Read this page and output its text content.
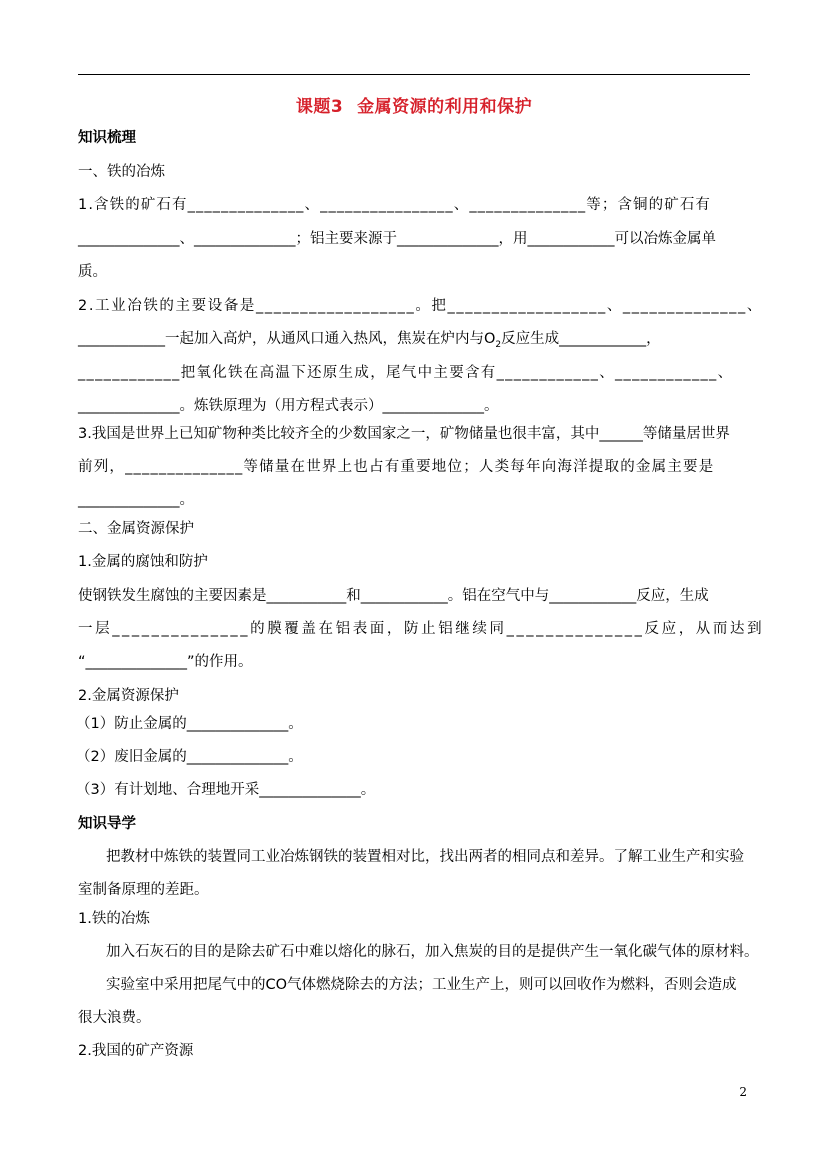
课题3 金属资源的利用和保护
知识梳理
一、铁的冶炼
1.含铁的矿石有______________、________________、______________等；含铜的矿石有
______________、______________；铝主要来源于______________，用____________可以冶炼金属单
质。
2.工业冶铁的主要设备是__________________。把__________________、______________、
____________一起加入高炉，从通风口通入热风，焦炭在炉内与$O_2$反应生成____________，
____________把氧化铁在高温下还原生成，尾气中主要含有____________、____________、
______________。炼铁原理为（用方程式表示）______________。
3.我国是世界上已知矿物种类比较齐全的少数国家之一，矿物储量也很丰富，其中______等储量居世界
前列，______________等储量在世界上也占有重要地位；人类每年向海洋提取的金属主要是
______________。
二、金属资源保护
1.金属的腐蚀和防护
使钢铁发生腐蚀的主要因素是___________和____________。铝在空气中与____________反应，生成
一层______________的膜覆盖在铝表面，防止铝继续同______________反应，从而达到
“______________”的作用。
2.金属资源保护
（1）防止金属的______________。
（2）废旧金属的______________。
（3）有计划地、合理地开采______________。
知识导学
把教材中炼铁的装置同工业冶炼钢铁的装置相对比，找出两者的相同点和差异。了解工业生产和实验
室制备原理的差距。
1.铁的冶炼
加入石灰石的目的是除去矿石中难以熔化的脉石，加入焦炭的目的是提供产生一氧化碳气体的原材料。
实验室中采用把尾气中的CO气体燃烧除去的方法；工业生产上，则可以回收作为燃料，否则会造成
很大浪费。
2.我国的矿产资源
2
